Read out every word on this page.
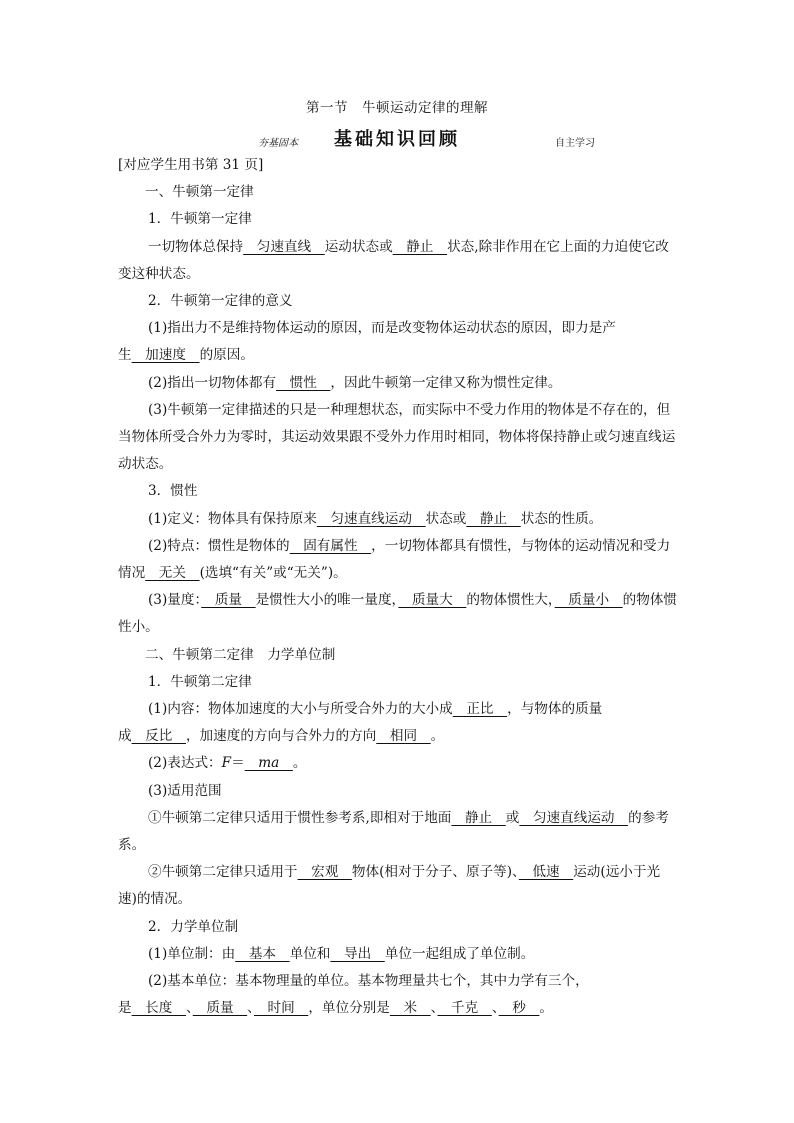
第一节　牛顿运动定律的理解
夯基固本	基础知识回顾	自主学习

[对应学生用书第 31 页]

一、牛顿第一定律

1．牛顿第一定律

一切物体总保持　匀速直线　运动状态或　静止　状态,除非作用在它上面的力迫使它改变这种状态。

2．牛顿第一定律的意义

(1)指出力不是维持物体运动的原因，而是改变物体运动状态的原因，即力是产生　加速度　的原因。

(2)指出一切物体都有　惯性　，因此牛顿第一定律又称为惯性定律。

(3)牛顿第一定律描述的只是一种理想状态，而实际中不受力作用的物体是不存在的，但当物体所受合外力为零时，其运动效果跟不受外力作用时相同，物体将保持静止或匀速直线运动状态。

3．惯性

(1)定义：物体具有保持原来　匀速直线运动　状态或　静止　状态的性质。

(2)特点：惯性是物体的　固有属性　，一切物体都具有惯性，与物体的运动情况和受力情况　无关　(选填“有关”或“无关”)。

(3)量度：　质量　是惯性大小的唯一量度，　质量大　的物体惯性大，　质量小　的物体惯性小。

二、牛顿第二定律　力学单位制

1．牛顿第二定律

(1)内容：物体加速度的大小与所受合外力的大小成　正比　，与物体的质量成　反比　，加速度的方向与合外力的方向　相同　。

(2)表达式：F＝　ma　。

(3)适用范围

①牛顿第二定律只适用于惯性参考系,即相对于地面　静止　或　匀速直线运动　的参考系。

②牛顿第二定律只适用于　宏观　物体(相对于分子、原子等)、　低速　运动(远小于光速)的情况。

2．力学单位制

(1)单位制：由　基本　单位和　导出　单位一起组成了单位制。

(2)基本单位：基本物理量的单位。基本物理量共七个，其中力学有三个，是　长度　、　质量　、　时间　，单位分别是　米　、　千克　、　秒　。
